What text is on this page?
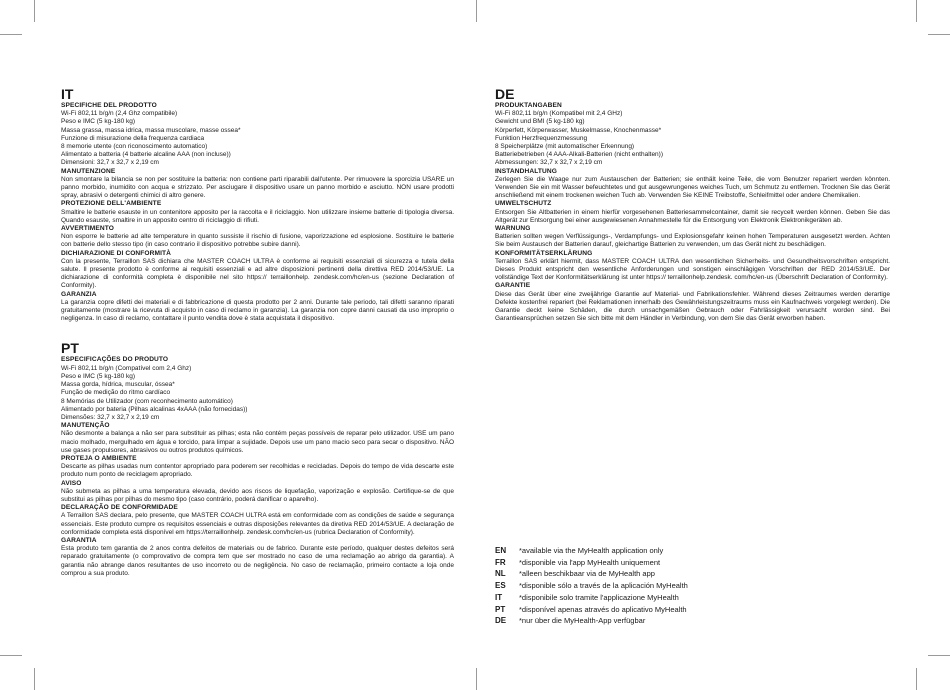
IT
SPECIFICHE DEL PRODOTTO
Wi-Fi 802,11 b/g/n (2,4 Ghz compatibile)
Peso e IMC (5 kg-180 kg)
Massa grassa, massa idrica, massa muscolare, masse ossea*
Funzione di misurazione della frequenza cardiaca
8 memorie utente (con riconoscimento automatico)
Alimentato a batteria (4 batterie alcaline AAA (non incluse))
Dimensioni: 32,7 x 32,7 x 2,19 cm
MANUTENZIONE
Non smontare la bilancia se non per sostituire la batteria: non contiene parti riparabili dall'utente. Per rimuovere la sporcizia USARE un panno morbido, inumidito con acqua e strizzato. Per asciugare il dispositivo usare un panno morbido e asciutto. NON usare prodotti spray, abrasivi o detergenti chimici di altro genere.
PROTEZIONE DELL'AMBIENTE
Smaltire le batterie esauste in un contenitore apposito per la raccolta e il riciclaggio. Non utilizzare insieme batterie di tipologia diversa. Quando esauste, smaltire in un apposito centro di riciclaggio di rifiuti.
AVVERTIMENTO
Non esporre le batterie ad alte temperature in quanto sussiste il rischio di fusione, vaporizzazione ed esplosione. Sostituire le batterie con batterie dello stesso tipo (in caso contrario il dispositivo potrebbe subire danni).
DICHIARAZIONE DI CONFORMITÀ
Con la presente, Terraillon SAS dichiara che MASTER COACH ULTRA è conforme ai requisiti essenziali di sicurezza e tutela della salute. Il presente prodotto è conforme ai requisiti essenziali e ad altre disposizioni pertinenti della direttiva RED 2014/53/UE. La dichiarazione di conformità completa è disponibile nel sito https:// terraillonhelp. zendesk.com/hc/en-us (sezione Declaration of Conformity).
GARANZIA
La garanzia copre difetti dei materiali e di fabbricazione di questa prodotto per 2 anni. Durante tale periodo, tali difetti saranno riparati gratuitamente (mostrare la ricevuta di acquisto in caso di reclamo in garanzia). La garanzia non copre danni causati da uso improprio o negligenza. In caso di reclamo, contattare il punto vendita dove è stata acquistata il dispositivo.
PT
ESPECIFICAÇÕES DO PRODUTO
Wi-Fi 802,11 b/g/n (Compatível com 2,4 Ghz)
Peso e IMC (5 kg-180 kg)
Massa gorda, hídrica, muscular, óssea*
Função de medição do ritmo cardíaco
8 Memórias de Utilizador (com reconhecimento automático)
Alimentado por bateria (Pilhas alcalinas 4xAAA (não fornecidas))
Dimensões: 32,7 x 32,7 x 2,19 cm
MANUTENÇÃO
Não desmonte a balança a não ser para substituir as pilhas; esta não contém peças possíveis de reparar pelo utilizador. USE um pano macio molhado, mergulhado em água e torcido, para limpar a sujidade. Depois use um pano macio seco para secar o dispositivo. NÃO use gases propulsores, abrasivos ou outros produtos químicos.
PROTEJA O AMBIENTE
Descarte as pilhas usadas num contentor apropriado para poderem ser recolhidas e recicladas. Depois do tempo de vida descarte este produto num ponto de reciclagem apropriado.
AVISO
Não submeta as pilhas a uma temperatura elevada, devido aos riscos de liquefação, vaporização e explosão. Certifique-se de que substitui as pilhas por pilhas do mesmo tipo (caso contrário, poderá danificar o aparelho).
DECLARAÇÃO DE CONFORMIDADE
A Terraillon SAS declara, pelo presente, que MASTER COACH ULTRA está em conformidade com as condições de saúde e segurança essenciais. Este produto cumpre os requisitos essenciais e outras disposições relevantes da diretiva RED 2014/53/UE. A declaração de conformidade completa está disponível em https://terraillonhelp. zendesk.com/hc/en-us (rubrica Declaration of Conformity).
GARANTIA
Esta produto tem garantia de 2 anos contra defeitos de materiais ou de fabrico. Durante este período, qualquer destes defeitos será reparado gratuitamente (o comprovativo de compra tem que ser mostrado no caso de uma reclamação ao abrigo da garantia). A garantia não abrange danos resultantes de uso incorreto ou de negligência. No caso de reclamação, primeiro contacte a loja onde comprou a sua produto.
DE
PRODUKTANGABEN
Wi-Fi 802,11 b/g/n (Kompatibel mit 2,4 GHz)
Gewicht und BMI (5 kg-180 kg)
Körperfett, Körperwasser, Muskelmasse, Knochenmasse*
Funktion Herzfrequenzmessung
8 Speicherplätze (mit automatischer Erkennung)
Batteriebetrieben (4 AAA-Alkali-Batterien (nicht enthalten))
Abmessungen: 32,7 x 32,7 x 2,19 cm
INSTANDHALTUNG
Zerlegen Sie die Waage nur zum Austauschen der Batterien; sie enthält keine Teile, die vom Benutzer repariert werden könnten. Verwenden Sie ein mit Wasser befeuchtetes und gut ausgewrungenes weiches Tuch, um Schmutz zu entfernen. Trocknen Sie das Gerät anschließend mit einem trockenen weichen Tuch ab. Verwenden Sie KEINE Treibstoffe, Schleifmittel oder andere Chemikalien.
UMWELTSCHUTZ
Entsorgen Sie Altbatterien in einem hierfür vorgesehenen Batteriesammelcontainer, damit sie recycelt werden können. Geben Sie das Altgerät zur Entsorgung bei einer ausgewiesenen Annahmestelle für die Entsorgung von Elektronik Elektronikgeräten ab.
WARNUNG
Batterien sollten wegen Verflüssigungs-, Verdampfungs- und Explosionsgefahr keinen hohen Temperaturen ausgesetzt werden. Achten Sie beim Austausch der Batterien darauf, gleichartige Batterien zu verwenden, um das Gerät nicht zu beschädigen.
KONFORMITÄTSERKLÄRUNG
Terraillon SAS erklärt hiermit, dass MASTER COACH ULTRA den wesentlichen Sicherheits- und Gesundheitsvorschriften entspricht. Dieses Produkt entspricht den wesentliche Anforderungen und sonstigen einschlägigen Vorschriften der RED 2014/53/UE. Der vollständige Text der Konformitätserklärung ist unter https:// terraillonhelp.zendesk. com/hc/en-us (Überschrift Declaration of Conformity).
GARANTIE
Diese das Gerät über eine zweijährige Garantie auf Material- und Fabrikationsfehler. Während dieses Zeitraumes werden derartige Defekte kostenfrei repariert (bei Reklamationen innerhalb des Gewährleistungszeitraums muss ein Kaufnachweis vorgelegt werden). Die Garantie deckt keine Schäden, die durch unsachgemäßen Gebrauch oder Fahrlässigkeit verursacht worden sind. Bei Garantieansprüchen setzen Sie sich bitte mit dem Händler in Verbindung, von dem Sie das Gerät erworben haben.
EN	*available via the MyHealth application only
FR	*disponible via l'app MyHealth uniquement
NL	*alleen beschikbaar via de MyHealth app
ES	*disponible sólo a través de la aplicación MyHealth
IT	*disponibile solo tramite l'applicazione MyHealth
PT	*disponível apenas através do aplicativo MyHealth
DE	*nur über die MyHealth-App verfügbar
